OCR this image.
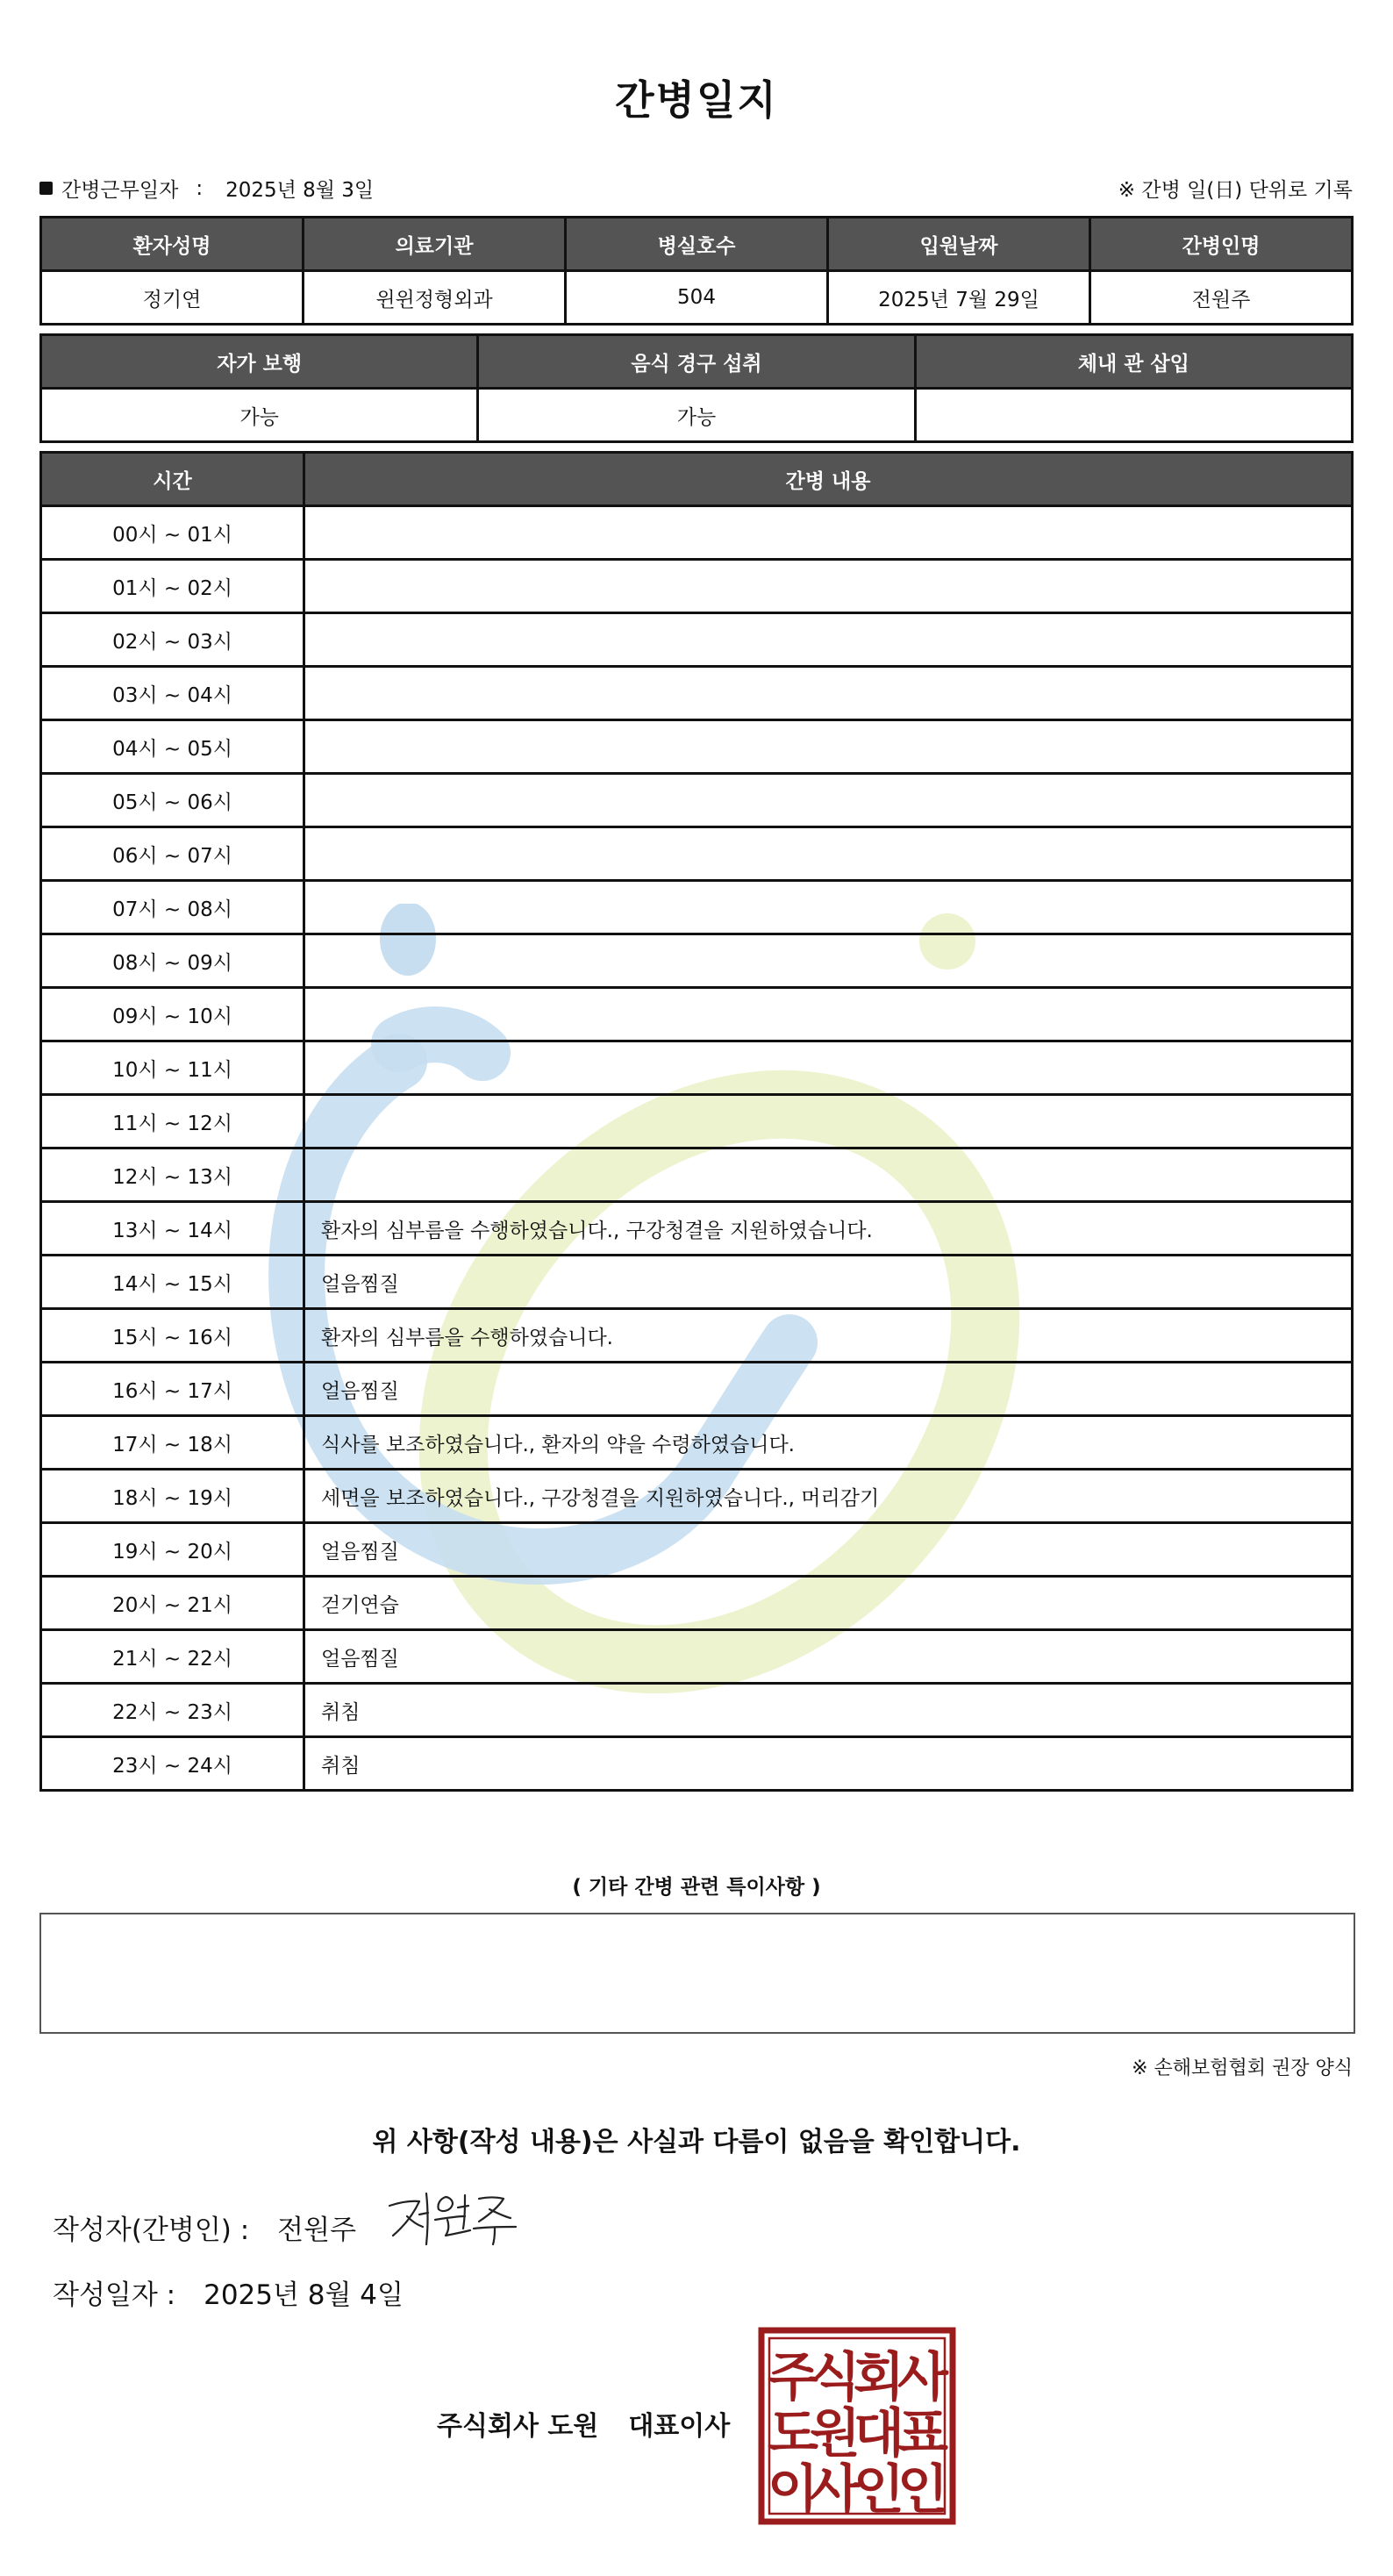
간병일지
간병근무일자 : 2025년 8월 3일	※ 간병 일(日) 단위로 기록
환자성명	의료기관	병실호수	입원날짜	간병인명
정기연	윈윈정형외과	504	2025년 7월 29일	전원주
자가 보행	음식 경구 섭취	체내 관 삽입
가능	가능	
시간	간병 내용
00시 ~ 01시	
01시 ~ 02시	
02시 ~ 03시	
03시 ~ 04시	
04시 ~ 05시	
05시 ~ 06시	
06시 ~ 07시	
07시 ~ 08시	
08시 ~ 09시	
09시 ~ 10시	
10시 ~ 11시	
11시 ~ 12시	
12시 ~ 13시	
13시 ~ 14시	환자의 심부름을 수행하였습니다., 구강청결을 지원하였습니다.
14시 ~ 15시	얼음찜질
15시 ~ 16시	환자의 심부름을 수행하였습니다.
16시 ~ 17시	얼음찜질
17시 ~ 18시	식사를 보조하였습니다., 환자의 약을 수령하였습니다.
18시 ~ 19시	세면을 보조하였습니다., 구강청결을 지원하였습니다., 머리감기
19시 ~ 20시	얼음찜질
20시 ~ 21시	걷기연습
21시 ~ 22시	얼음찜질
22시 ~ 23시	취침
23시 ~ 24시	취침
( 기타 간병 관련 특이사항 )
※ 손해보험협회 권장 양식
위 사항(작성 내용)은 사실과 다름이 없음을 확인합니다.
작성자(간병인) : 전원주
작성일자 : 2025년 8월 4일
주식회사 도원 대표이사
주
식
회
사
도
원
대
표
이
사
인
인
